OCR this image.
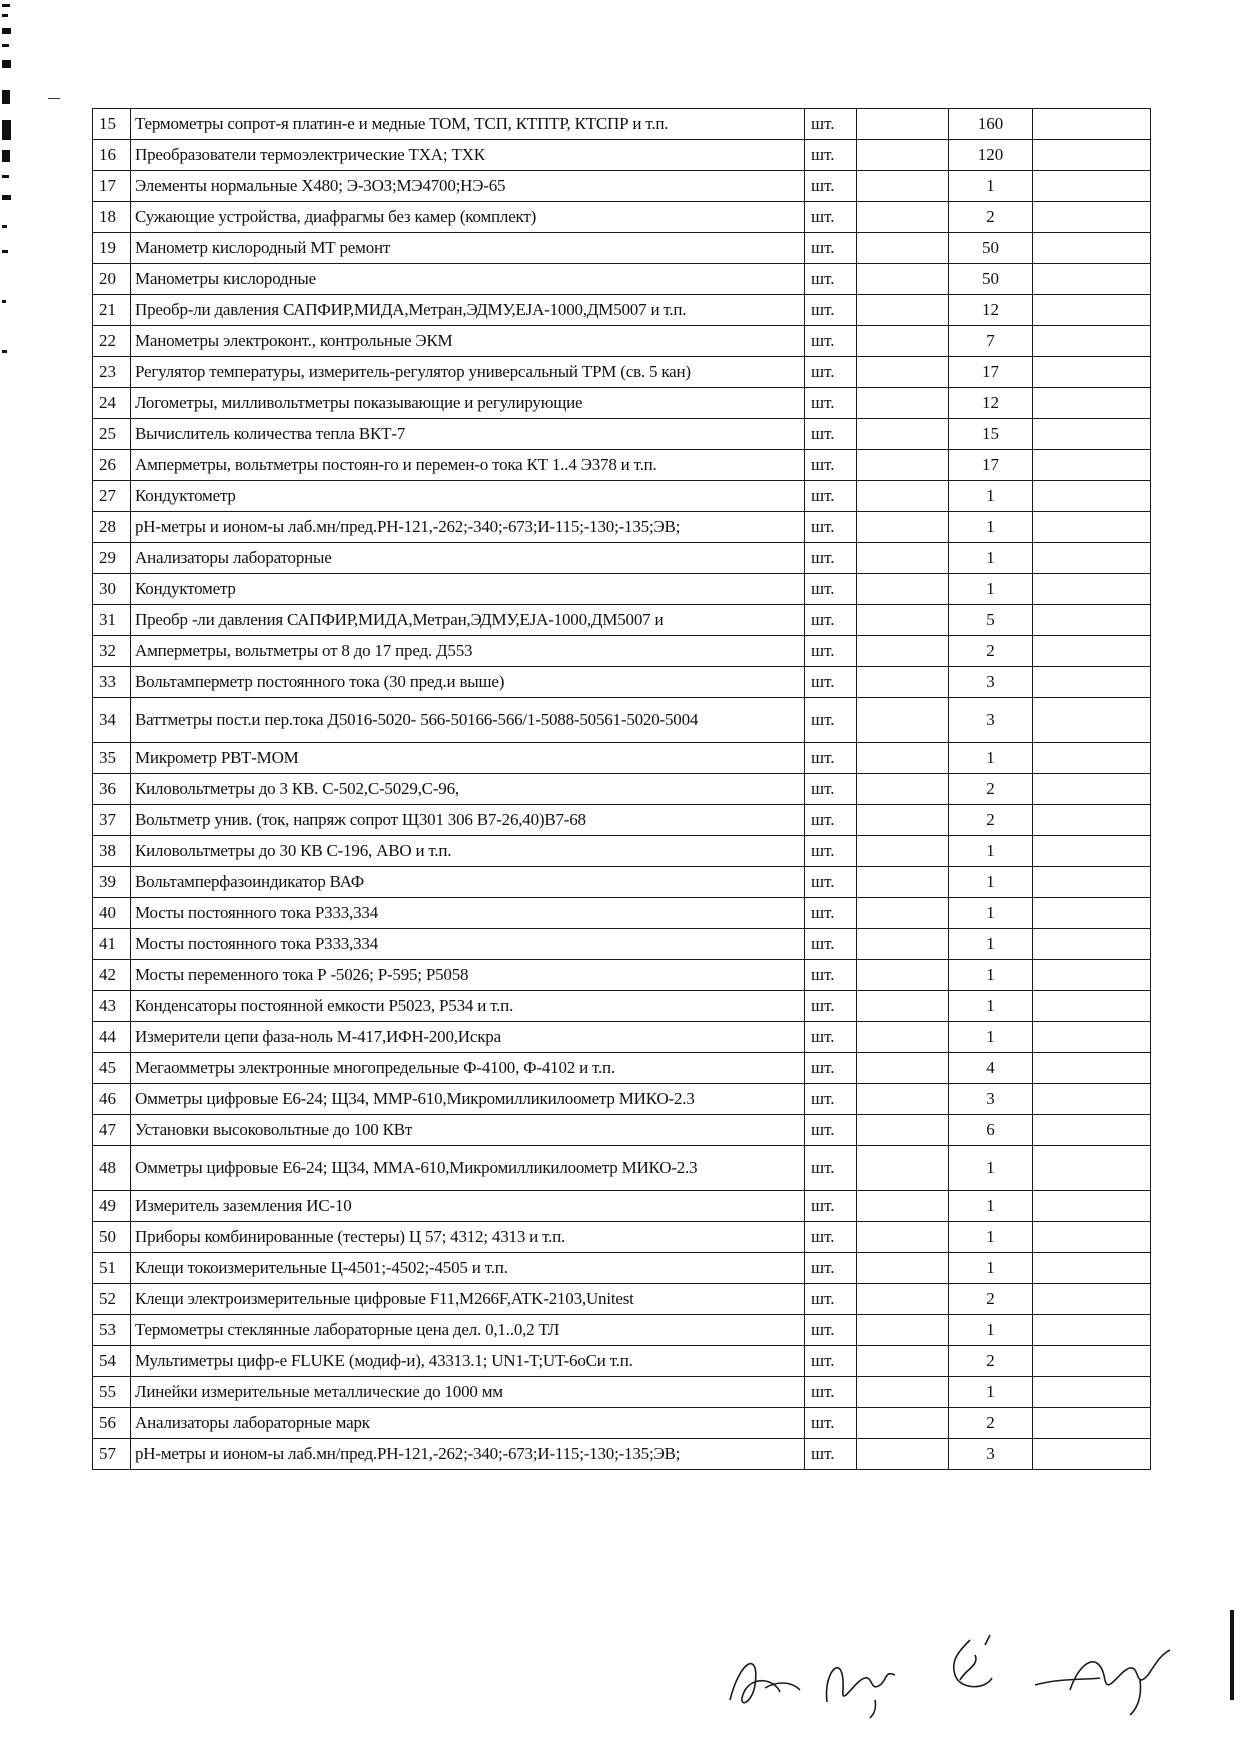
15	Термометры сопрот-я платин-е и медные ТОМ, ТСП, КТПТР, КТСПР и т.п.	шт.		160	
16	Преобразователи термоэлектрические ТХА; ТХК	шт.		120	
17	Элементы нормальные Х480; Э-3ОЗ;МЭ4700;НЭ-65	шт.		1	
18	Сужающие устройства, диафрагмы без камер (комплект)	шт.		2	
19	Манометр кислородный МТ ремонт	шт.		50	
20	Манометры кислородные	шт.		50	
21	Преобр-ли давления САПФИР,МИДА,Метран,ЭДМУ,EJA-1000,ДМ5007 и т.п.	шт.		12	
22	Манометры электроконт., контрольные ЭКМ	шт.		7	
23	Регулятор температуры, измеритель-регулятор универсальный ТРМ (св. 5 кан)	шт.		17	
24	Логометры, милливольтметры показывающие и регулирующие	шт.		12	
25	Вычислитель количества тепла ВКТ-7	шт.		15	
26	Амперметры, вольтметры постоян-го и перемен-о тока КТ 1..4 Э378 и т.п.	шт.		17	
27	Кондуктометр	шт.		1	
28	pH-метры и ионом-ы лаб.мн/пред.PH-121,-262;-340;-673;И-115;-130;-135;ЭВ;	шт.		1	
29	Анализаторы лабораторные	шт.		1	
30	Кондуктометр	шт.		1	
31	Преобр -ли давления САПФИР,МИДА,Метран,ЭДМУ,EJA-1000,ДМ5007 и	шт.		5	
32	Амперметры, вольтметры от 8 до 17 пред. Д553	шт.		2	
33	Вольтамперметр постоянного тока (30 пред.и выше)	шт.		3	
34	Ваттметры пост.и пер.тока Д5016-5020- 566-50166-566/1-5088-50561-5020-5004	шт.		3	
35	Микрометр РВТ-МОМ	шт.		1	
36	Киловольтметры до 3 КВ. С-502,С-5029,С-96,	шт.		2	
37	Вольтметр унив. (ток, напряж сопрот Щ301 306 В7-26,40)В7-68	шт.		2	
38	Киловольтметры до 30 КВ С-196, АВО и т.п.	шт.		1	
39	Вольтамперфазоиндикатор ВАФ	шт.		1	
40	Мосты постоянного тока Р333,334	шт.		1	
41	Мосты постоянного тока Р333,334	шт.		1	
42	Мосты переменного тока Р -5026; Р-595; Р5058	шт.		1	
43	Конденсаторы постоянной емкости Р5023, Р534 и т.п.	шт.		1	
44	Измерители цепи фаза-ноль М-417,ИФН-200,Искра	шт.		1	
45	Мегаомметры электронные многопредельные Ф-4100, Ф-4102 и т.п.	шт.		4	
46	Омметры цифровые Е6-24; Щ34, ММР-610,Микромилликилоометр МИКО-2.3	шт.		3	
47	Установки высоковольтные до 100 КВт	шт.		6	
48	Омметры цифровые Е6-24; Щ34, ММА-610,Микромилликилоометр МИКО-2.3	шт.		1	
49	Измеритель заземления ИС-10	шт.		1	
50	Приборы комбинированные (тестеры) Ц 57; 4312; 4313 и т.п.	шт.		1	
51	Клещи токоизмерительные Ц-4501;-4502;-4505 и т.п.	шт.		1	
52	Клещи электроизмерительные цифровые F11,M266F,ATK-2103,Unitest	шт.		2	
53	Термометры стеклянные лабораторные цена дел. 0,1..0,2 ТЛ	шт.		1	
54	Мультиметры цифр-е FLUKE (модиф-и), 43313.1; UN1-T;UT-6оСи т.п.	шт.		2	
55	Линейки измерительные металлические до 1000 мм	шт.		1	
56	Анализаторы лабораторные марк	шт.		2	
57	pH-метры и ионом-ы лаб.мн/пред.PH-121,-262;-340;-673;И-115;-130;-135;ЭВ;	шт.		3	
